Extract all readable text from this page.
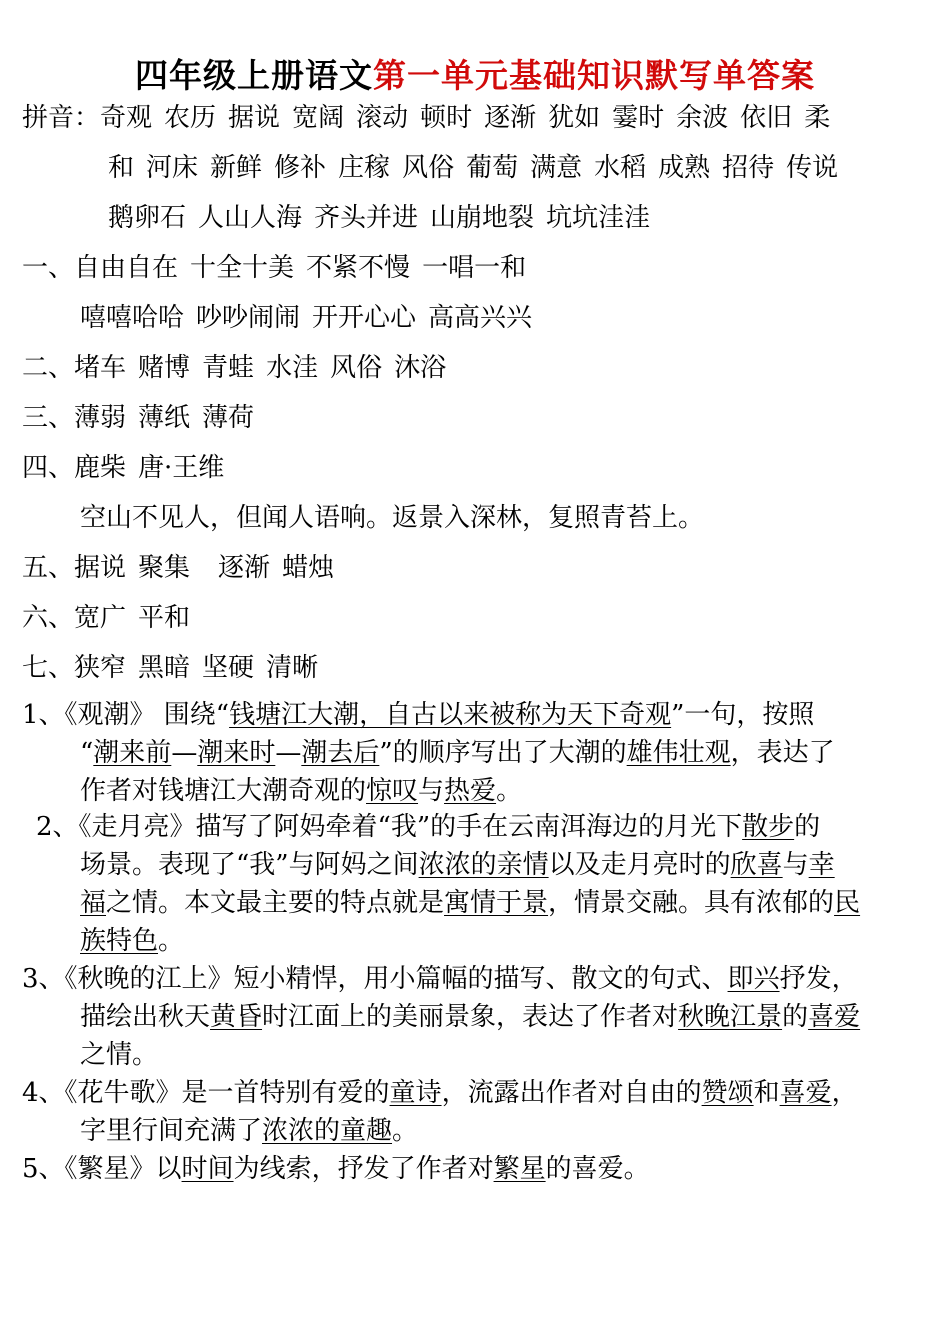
四年级上册语文第一单元基础知识默写单答案
拼音：奇观 农历 据说 宽阔 滚动 顿时 逐渐 犹如 霎时 余波 依旧 柔
和 河床 新鲜 修补 庄稼 风俗 葡萄 满意 水稻 成熟 招待 传说
鹅卵石 人山人海 齐头并进 山崩地裂 坑坑洼洼
一、自由自在 十全十美 不紧不慢 一唱一和
嘻嘻哈哈 吵吵闹闹 开开心心 高高兴兴
二、堵车 赌博 青蛙 水洼 风俗 沐浴
三、薄弱 薄纸 薄荷
四、鹿柴 唐·王维
空山不见人，但闻人语响。返景入深林，复照青苔上。
五、据说 聚集 逐渐 蜡烛
六、宽广 平和
七、狭窄 黑暗 坚硬 清晰
1、《观潮》 围绕“钱塘江大潮，自古以来被称为天下奇观”一句，按照
“潮来前—潮来时—潮去后”的顺序写出了大潮的雄伟壮观，表达了
作者对钱塘江大潮奇观的惊叹与热爱。
2、《走月亮》描写了阿妈牵着“我”的手在云南洱海边的月光下散步的
场景。表现了“我”与阿妈之间浓浓的亲情以及走月亮时的欣喜与幸
福之情。本文最主要的特点就是寓情于景，情景交融。具有浓郁的民
族特色。
3、《秋晚的江上》短小精悍，用小篇幅的描写、散文的句式、即兴抒发，
描绘出秋天黄昏时江面上的美丽景象，表达了作者对秋晚江景的喜爱
之情。
4、《花牛歌》是一首特别有爱的童诗，流露出作者对自由的赞颂和喜爱，
字里行间充满了浓浓的童趣。
5、《繁星》以时间为线索，抒发了作者对繁星的喜爱。
